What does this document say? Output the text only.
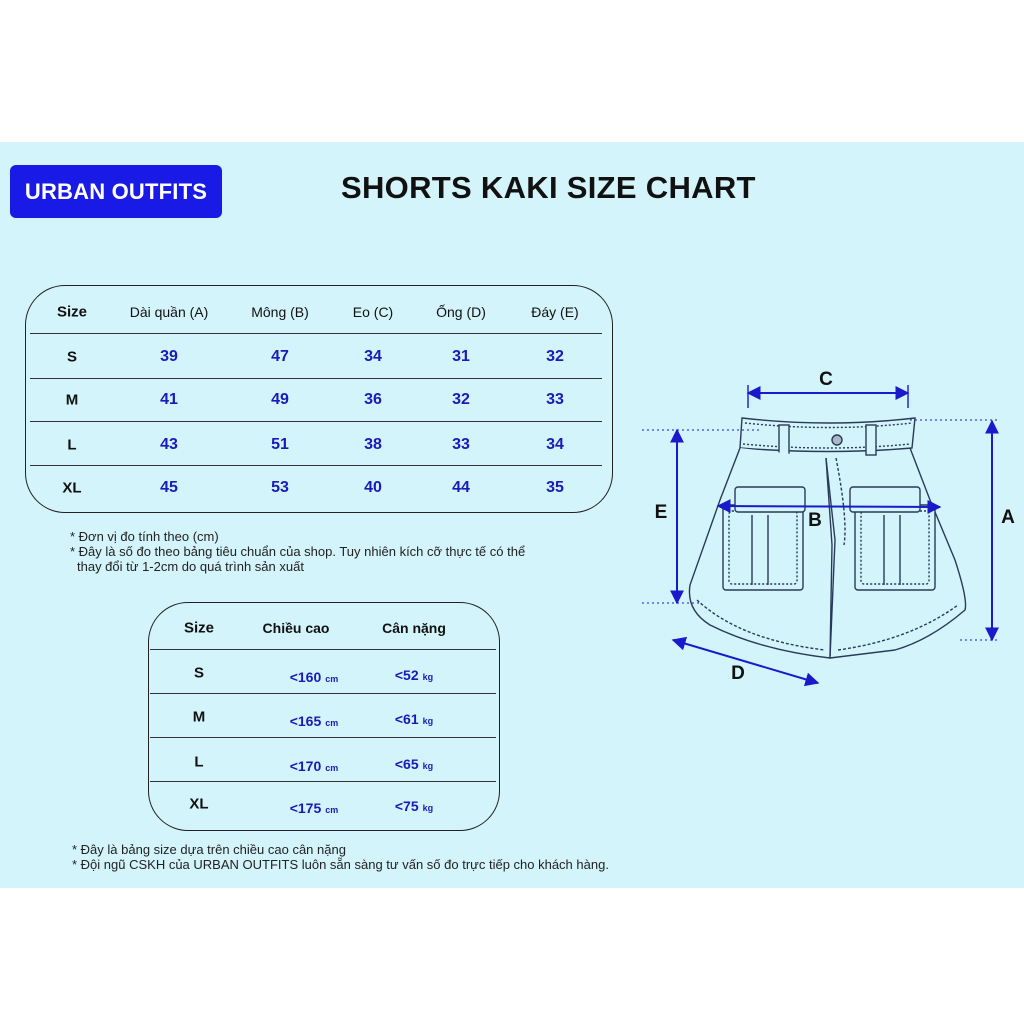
URBAN OUTFITS	SHORTS KAKI SIZE CHART
Size	Dài quần (A)	Mông (B)	Eo (C)	Ống (D)	Đáy (E)
S	39	47	34	31	32
M	41	49	36	32	33
L	43	51	38	33	34
XL	45	53	40	44	35
* Đơn vị đo tính theo (cm)
* Đây là số đo theo bảng tiêu chuẩn của shop. Tuy nhiên kích cỡ thực tế có thể
thay đổi từ 1-2cm do quá trình sản xuất
Size	Chiều cao	Cân nặng
S	<160 cm	<52 kg
M	<165 cm	<61 kg
L	<170 cm	<65 kg
XL	<175 cm	<75 kg
* Đây là bảng size dựa trên chiều cao cân nặng
* Đội ngũ CSKH của URBAN OUTFITS luôn sẵn sàng tư vấn số đo trực tiếp cho khách hàng.
C
B
E	A
D
